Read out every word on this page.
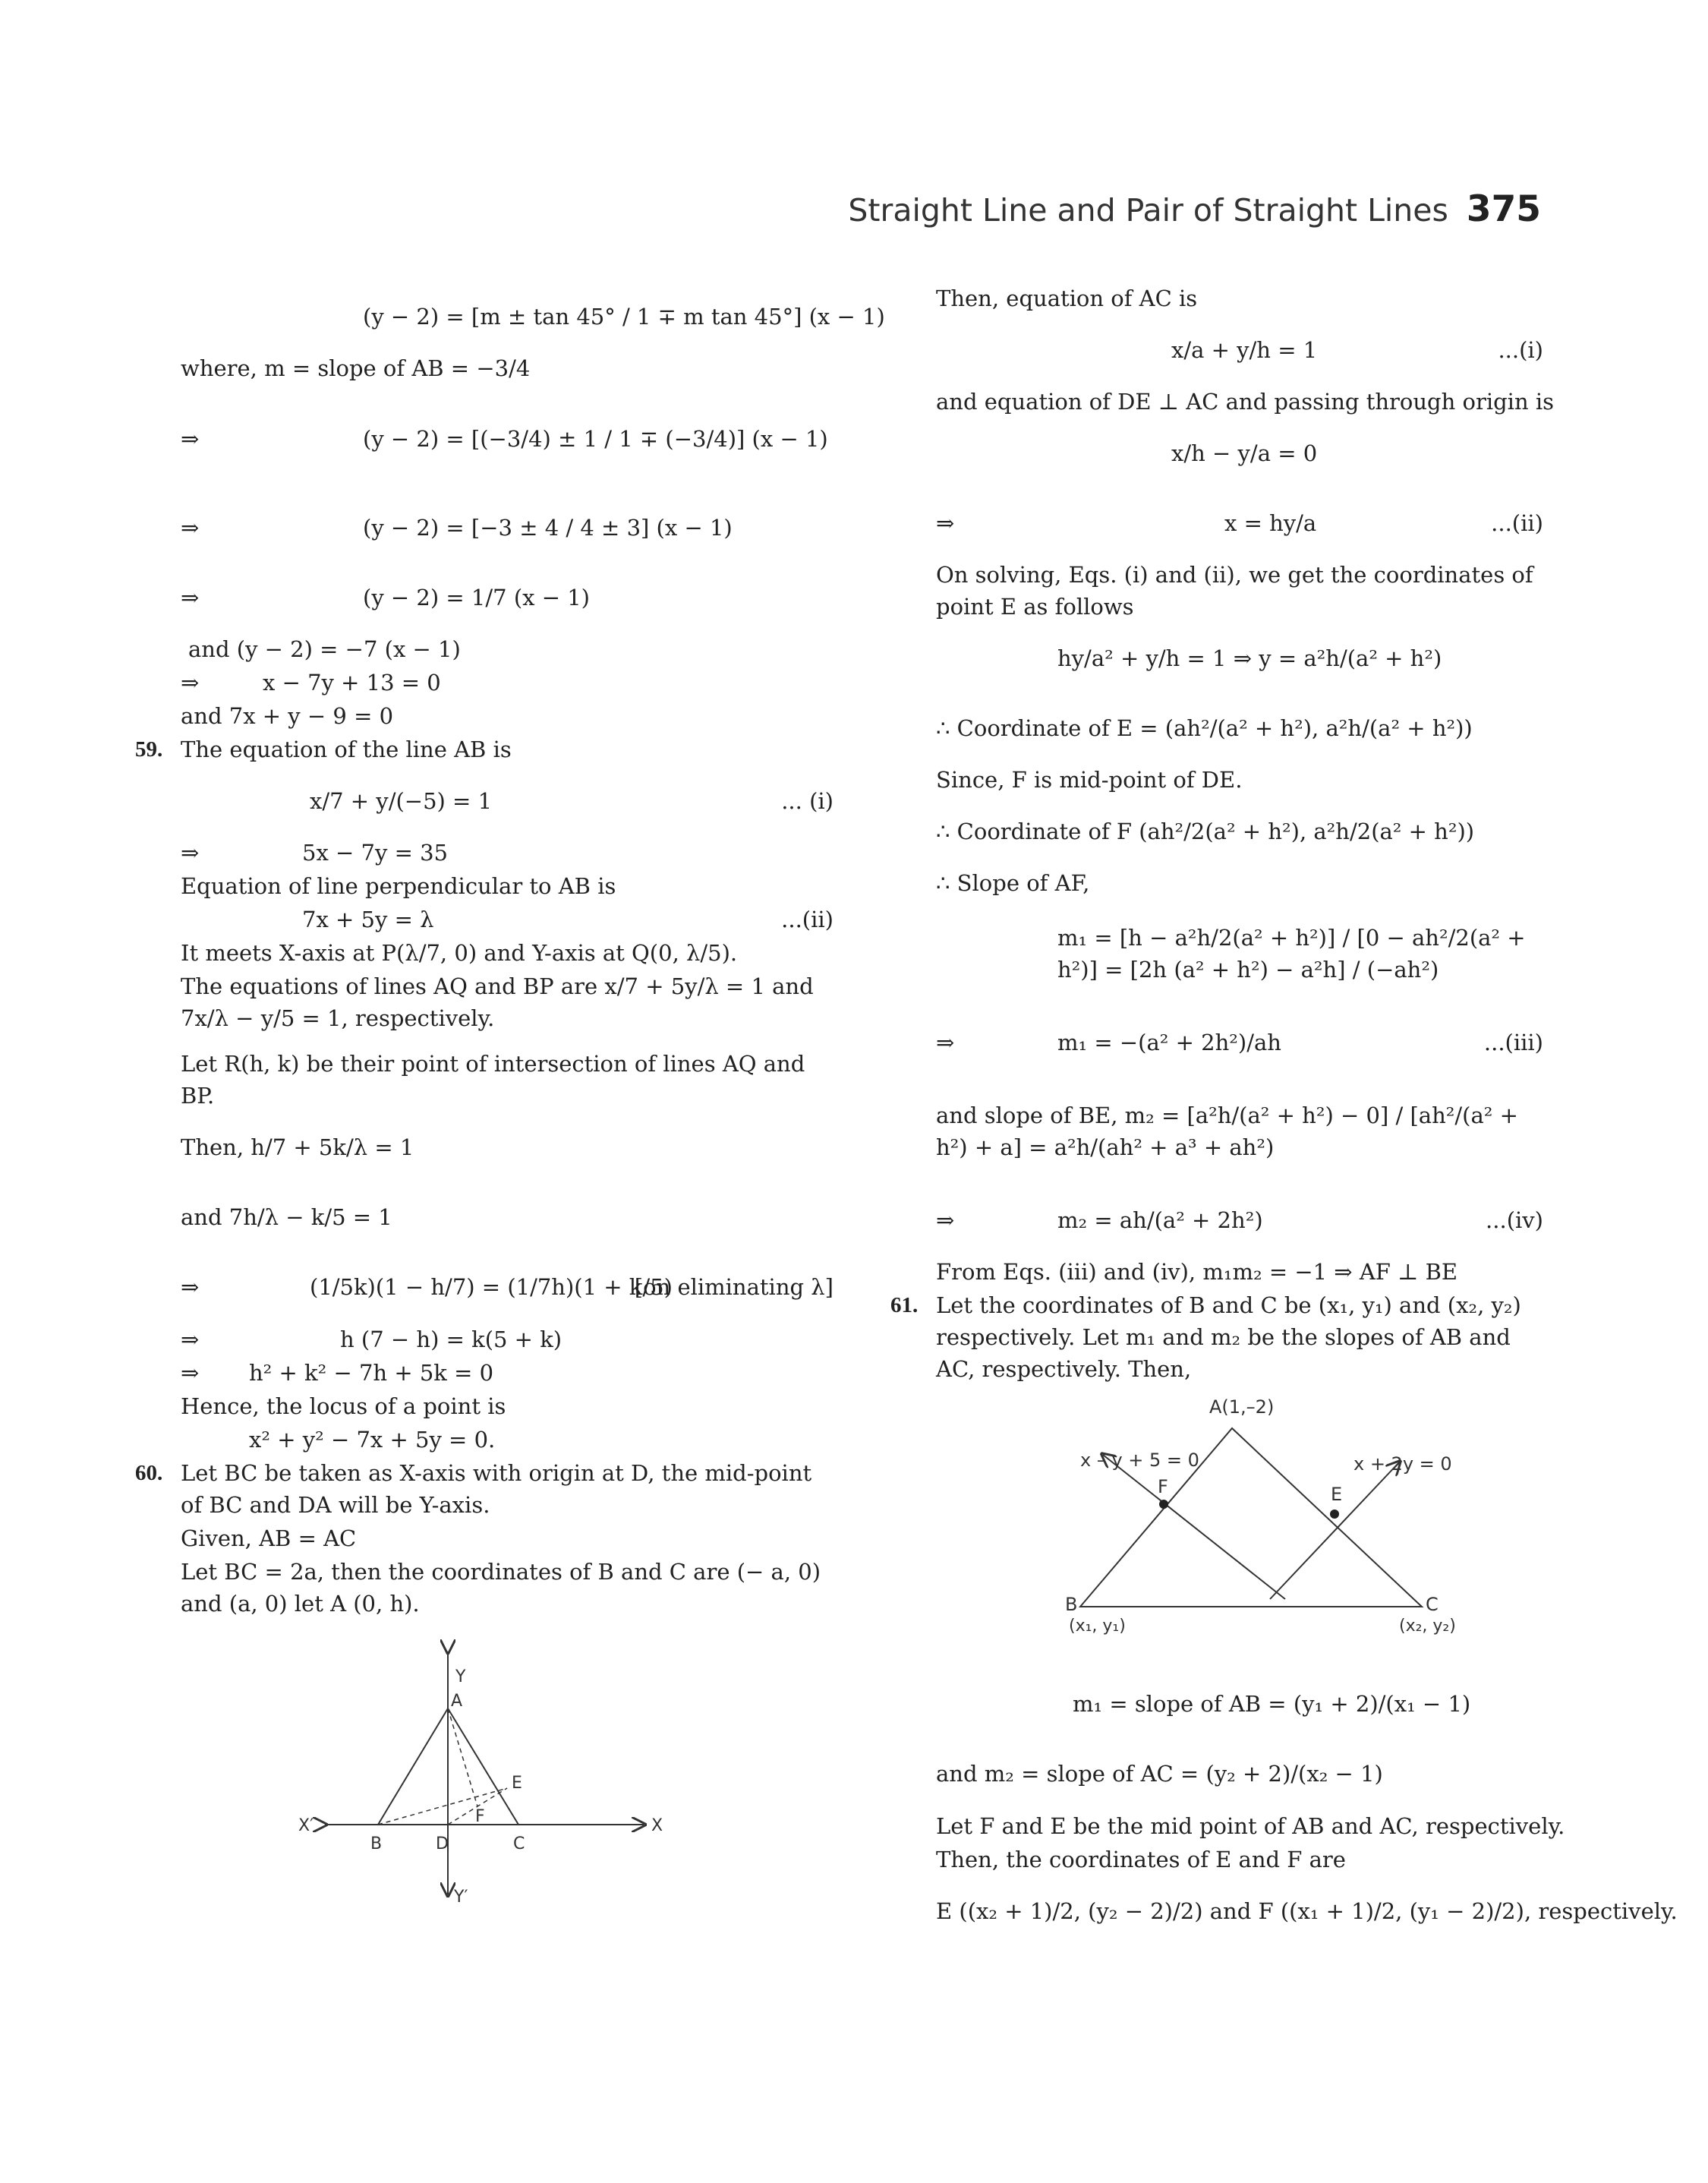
Straight Line and Pair of Straight Lines 375
(y − 2) = [m ± tan 45° / 1 ∓ m tan 45°] (x − 1)
where, m = slope of AB = −3/4
⇒	(y − 2) = [(−3/4) ± 1 / 1 ∓ (−3/4)] (x − 1)
⇒	(y − 2) = [−3 ± 4 / 4 ± 3] (x − 1)
⇒	(y − 2) = 1/7 (x − 1)
and (y − 2) = −7 (x − 1)
⇒	x − 7y + 13 = 0
and 7x + y − 9 = 0
59. The equation of the line AB is
x/7 + y/(−5) = 1	... (i)
⇒	5x − 7y = 35
Equation of line perpendicular to AB is
7x + 5y = λ	...(ii)
It meets X-axis at P(λ/7, 0) and Y-axis at Q(0, λ/5).
The equations of lines AQ and BP are x/7 + 5y/λ = 1 and 7x/λ − y/5 = 1, respectively.
Let R(h, k) be their point of intersection of lines AQ and BP.
Then, h/7 + 5k/λ = 1
and 7h/λ − k/5 = 1
⇒	(1/5k)(1 − h/7) = (1/7h)(1 + k/5)
[on eliminating λ]
⇒	h (7 − h) = k(5 + k)
⇒ h² + k² − 7h + 5k = 0
Hence, the locus of a point is
x² + y² − 7x + 5y = 0.
60. Let BC be taken as X-axis with origin at D, the mid-point of BC and DA will be Y-axis.
Given, AB = AC
Let BC = 2a, then the coordinates of B and C are (− a, 0) and (a, 0) let A (0, h).
Y
Y′
X
X′
A
B	C
D
E
F
Then, equation of AC is
x/a + y/h = 1	...(i)
and equation of DE ⊥ AC and passing through origin is
x/h − y/a = 0
⇒	x = hy/a	...(ii)
On solving, Eqs. (i) and (ii), we get the coordinates of point E as follows
hy/a² + y/h = 1 ⇒ y = a²h/(a² + h²)
∴ Coordinate of E = (ah²/(a² + h²), a²h/(a² + h²))
Since, F is mid-point of DE.
∴ Coordinate of F (ah²/2(a² + h²), a²h/2(a² + h²))
∴ Slope of AF,
m₁ = [h − a²h/2(a² + h²)] / [0 − ah²/2(a² + h²)] = [2h (a² + h²) − a²h] / (−ah²)
⇒	m₁ = −(a² + 2h²)/ah	...(iii)
and slope of BE, m₂ = [a²h/(a² + h²) − 0] / [ah²/(a² + h²) + a] = a²h/(ah² + a³ + ah²)
⇒	m₂ = ah/(a² + 2h²)	...(iv)
From Eqs. (iii) and (iv), m₁m₂ = −1 ⇒ AF ⊥ BE
61. Let the coordinates of B and C be (x₁, y₁) and (x₂, y₂) respectively. Let m₁ and m₂ be the slopes of AB and AC, respectively. Then,
A(1,–2)
x – y + 5 = 0	x + 2y = 0
F	E
B	C
(x₁, y₁)	(x₂, y₂)
m₁ = slope of AB = (y₁ + 2)/(x₁ − 1)
and m₂ = slope of AC = (y₂ + 2)/(x₂ − 1)
Let F and E be the mid point of AB and AC, respectively.
Then, the coordinates of E and F are
E ((x₂ + 1)/2, (y₂ − 2)/2) and F ((x₁ + 1)/2, (y₁ − 2)/2), respectively.
